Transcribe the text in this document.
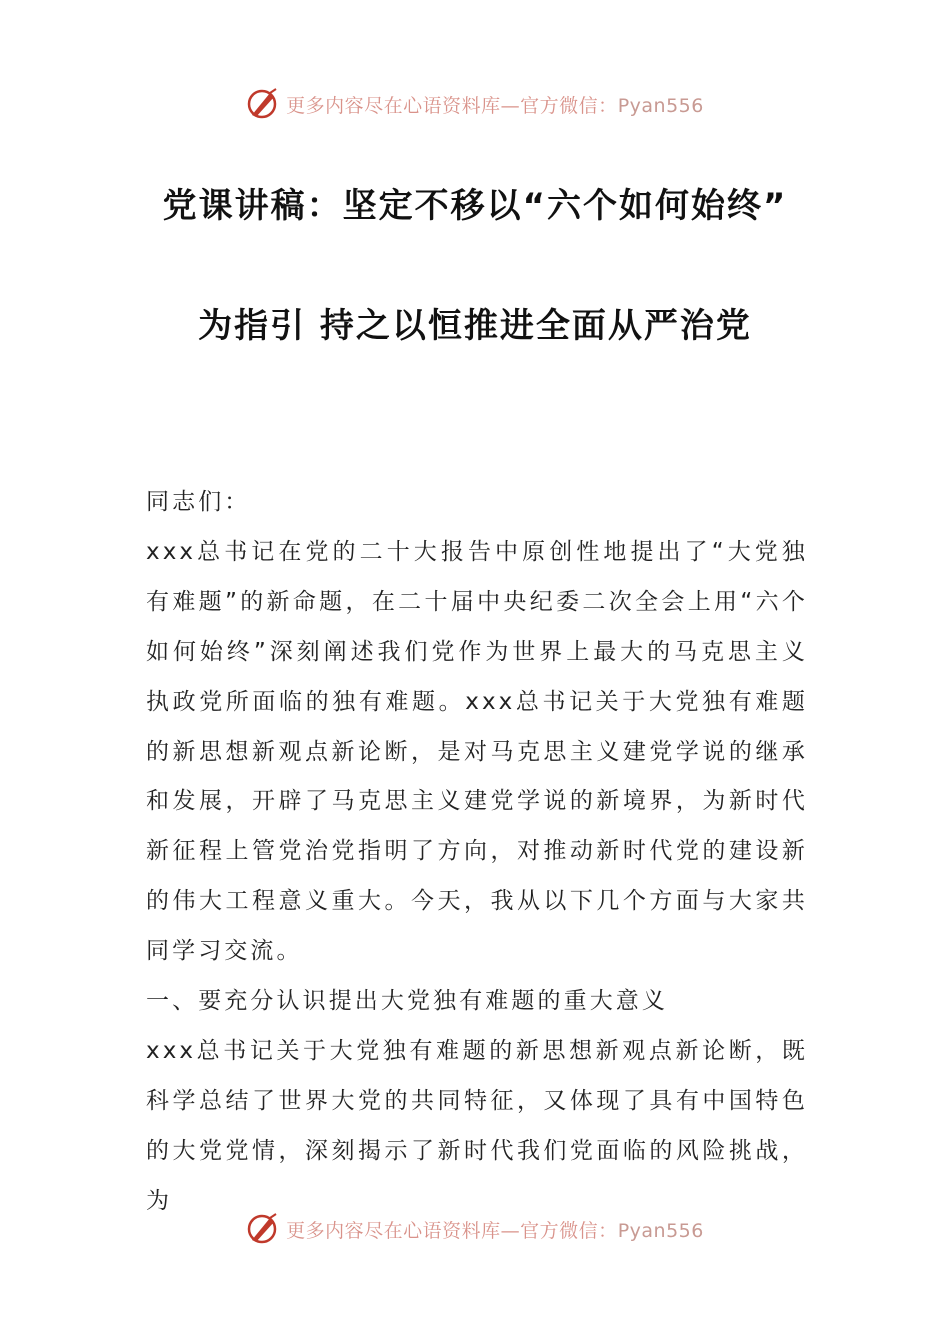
更多内容尽在心语资料库—官方微信：Pyan556
党课讲稿：坚定不移以“六个如何始终”
为指引 持之以恒推进全面从严治党

同志们：

xxx总书记在党的二十大报告中原创性地提出了“大党独有难题”的新命题，在二十届中央纪委二次全会上用“六个如何始终”深刻阐述我们党作为世界上最大的马克思主义执政党所面临的独有难题。xxx总书记关于大党独有难题的新思想新观点新论断，是对马克思主义建党学说的继承和发展，开辟了马克思主义建党学说的新境界，为新时代新征程上管党治党指明了方向，对推动新时代党的建设新的伟大工程意义重大。今天，我从以下几个方面与大家共同学习交流。

一、要充分认识提出大党独有难题的重大意义

xxx总书记关于大党独有难题的新思想新观点新论断，既科学总结了世界大党的共同特征，又体现了具有中国特色的大党党情，深刻揭示了新时代我们党面临的风险挑战，为

更多内容尽在心语资料库—官方微信：Pyan556
